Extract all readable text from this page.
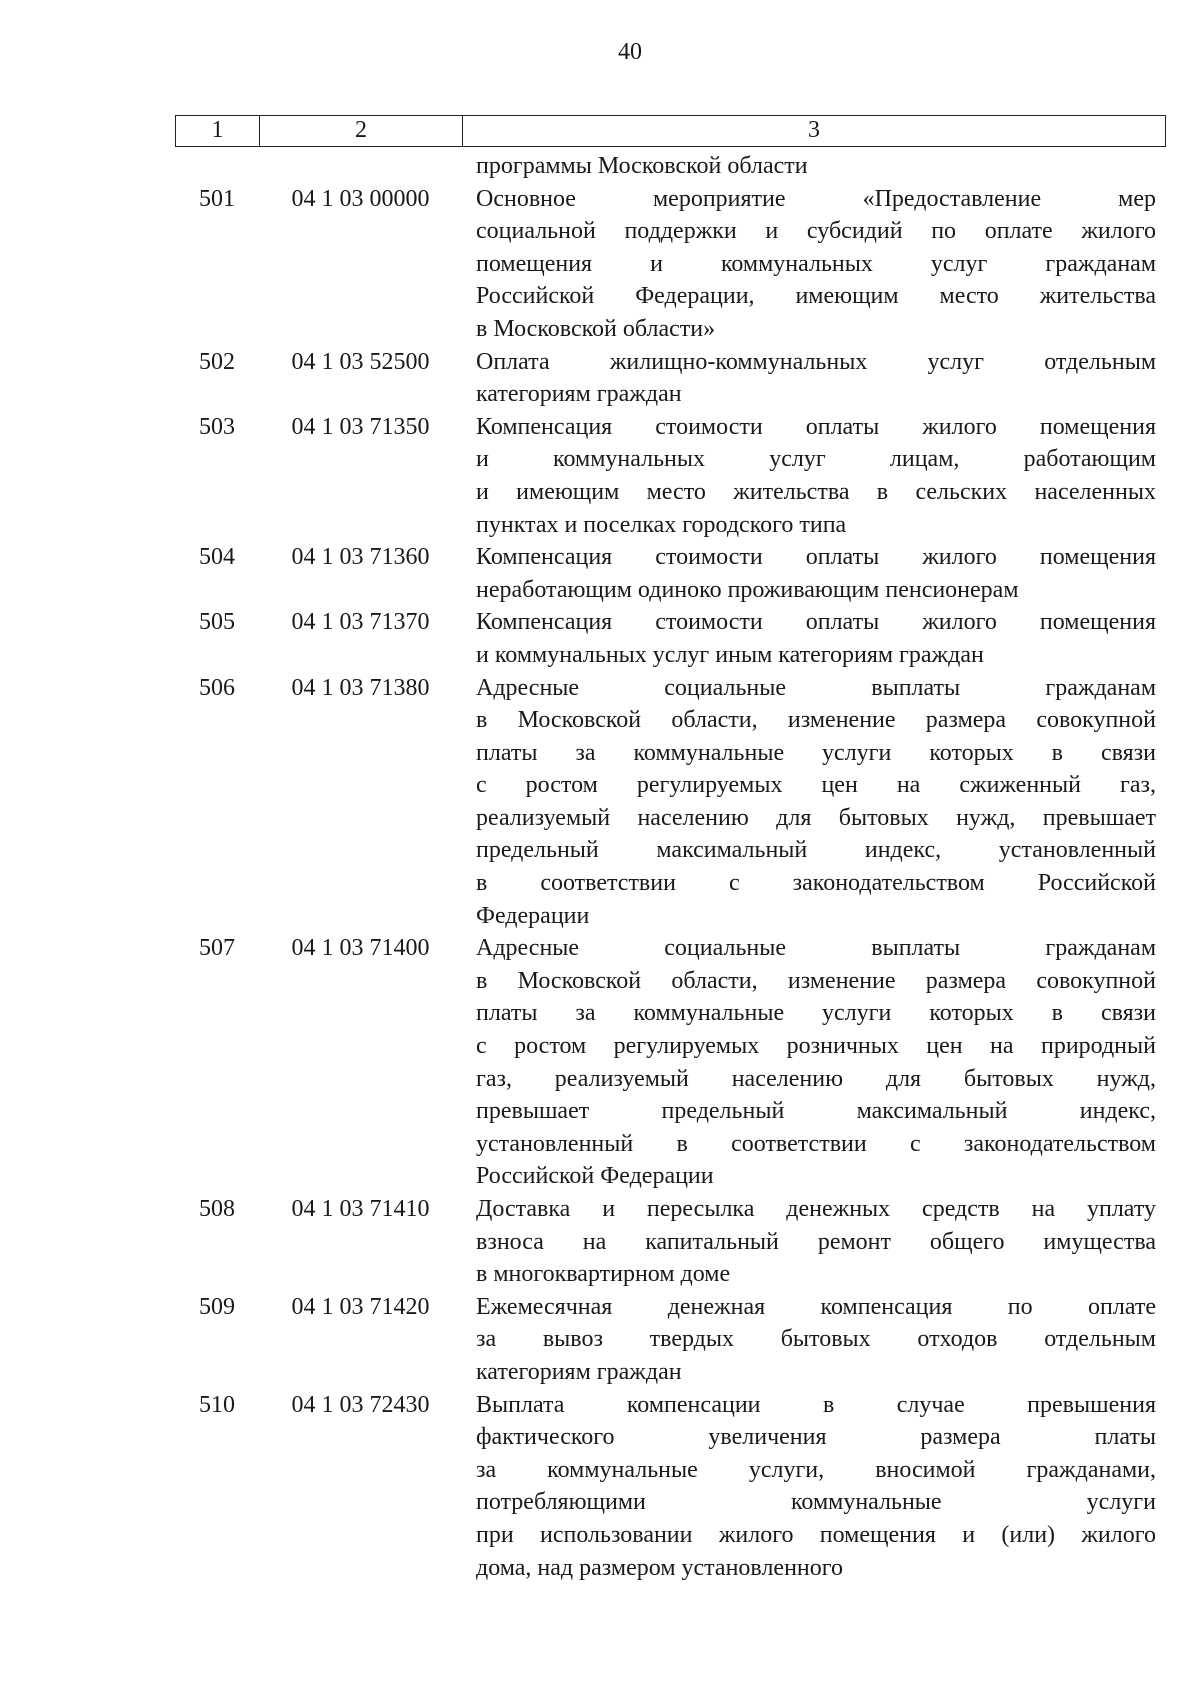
40
1	2	3
программы Московской области
501	04 1 03 00000	Основное мероприятие «Предоставление мер
социальной поддержки и субсидий по оплате жилого
помещения и коммунальных услуг гражданам
Российской Федерации, имеющим место жительства
в Московской области»
502	04 1 03 52500	Оплата жилищно-коммунальных услуг отдельным
категориям граждан
503	04 1 03 71350	Компенсация стоимости оплаты жилого помещения
и коммунальных услуг лицам, работающим
и имеющим место жительства в сельских населенных
пунктах и поселках городского типа
504	04 1 03 71360	Компенсация стоимости оплаты жилого помещения
неработающим одиноко проживающим пенсионерам
505	04 1 03 71370	Компенсация стоимости оплаты жилого помещения
и коммунальных услуг иным категориям граждан
506	04 1 03 71380	Адресные социальные выплаты гражданам
в Московской области, изменение размера совокупной
платы за коммунальные услуги которых в связи
с ростом регулируемых цен на сжиженный газ,
реализуемый населению для бытовых нужд, превышает
предельный максимальный индекс, установленный
в соответствии с законодательством Российской
Федерации
507	04 1 03 71400	Адресные социальные выплаты гражданам
в Московской области, изменение размера совокупной
платы за коммунальные услуги которых в связи
с ростом регулируемых розничных цен на природный
газ, реализуемый населению для бытовых нужд,
превышает предельный максимальный индекс,
установленный в соответствии с законодательством
Российской Федерации
508	04 1 03 71410	Доставка и пересылка денежных средств на уплату
взноса на капитальный ремонт общего имущества
в многоквартирном доме
509	04 1 03 71420	Ежемесячная денежная компенсация по оплате
за вывоз твердых бытовых отходов отдельным
категориям граждан
510	04 1 03 72430	Выплата компенсации в случае превышения
фактического увеличения размера платы
за коммунальные услуги, вносимой гражданами,
потребляющими коммунальные услуги
при использовании жилого помещения и (или) жилого
дома, над размером установленного
